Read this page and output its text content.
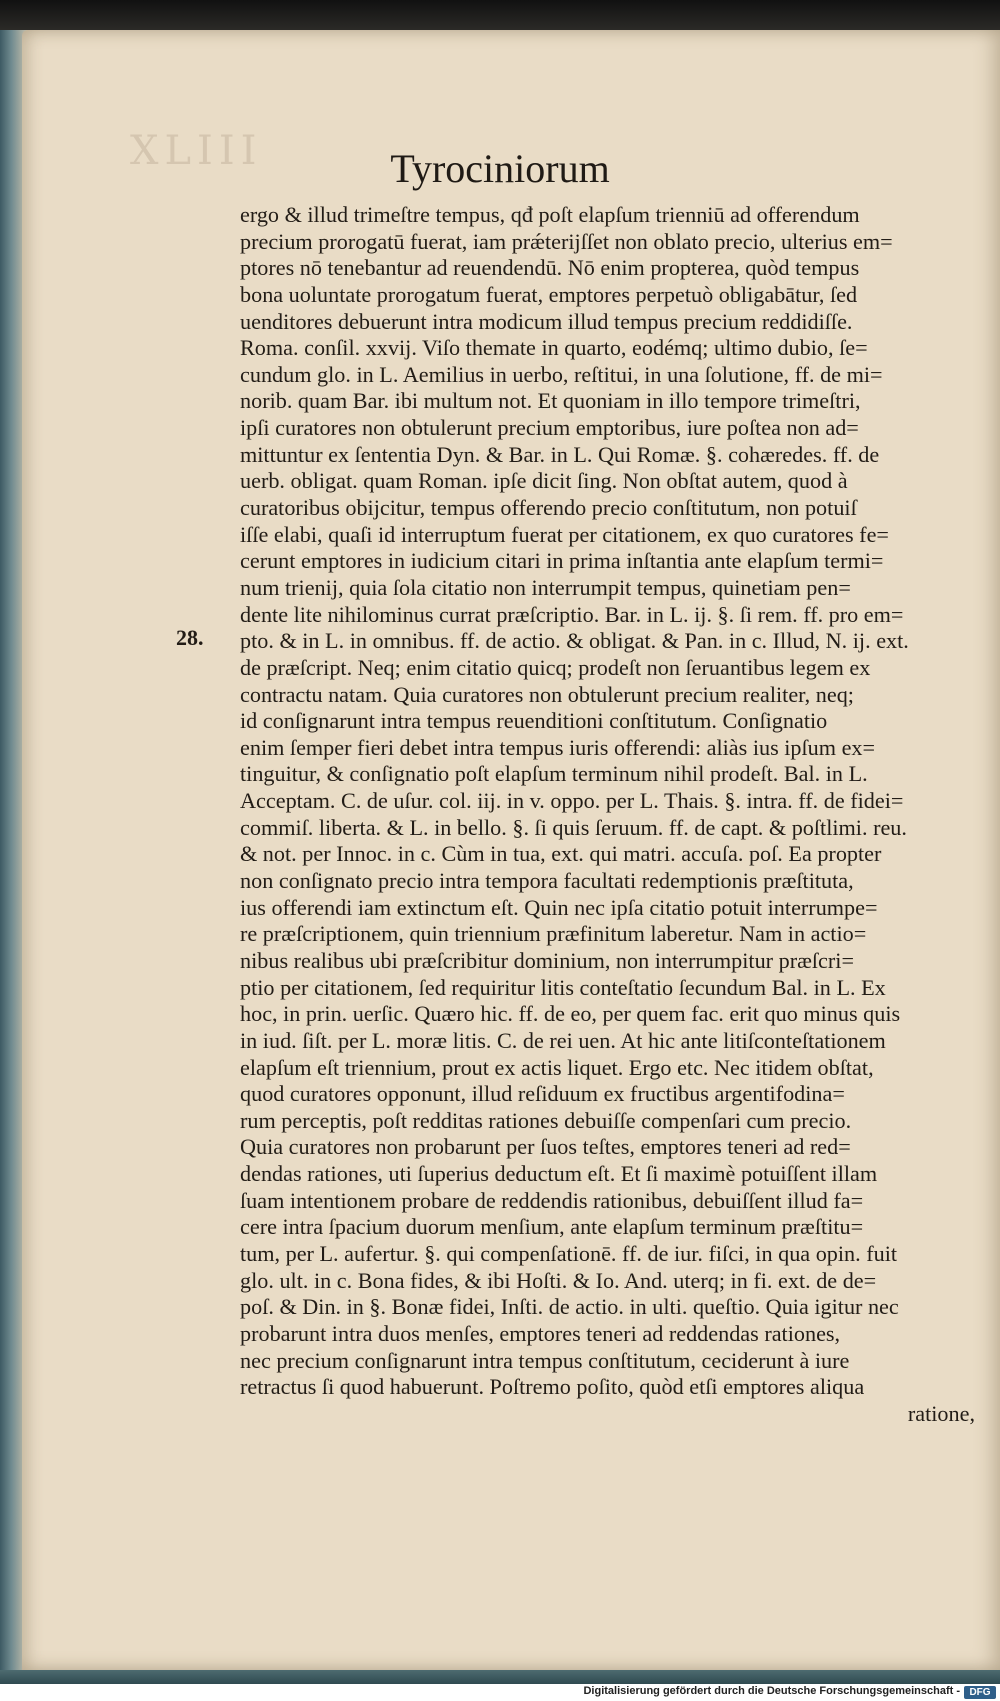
XLIII	Tyrociniorum
28.
ergo & illud trimeſtre tempus, qđ poſt elapſum trienniū ad offerendum
precium prorogatū fuerat, iam prǽterijſſet non oblato precio, ulterius em=
ptores nō tenebantur ad reuendendū. Nō enim propterea, quòd tempus
bona uoluntate prorogatum fuerat, emptores perpetuò obligabātur, ſed
uenditores debuerunt intra modicum illud tempus precium reddidiſſe.
Roma. conſil. xxvij. Viſo themate in quarto, eodémq; ultimo dubio, ſe=
cundum glo. in L. Aemilius in uerbo, reſtitui, in una ſolutione, ff. de mi=
norib. quam Bar. ibi multum not. Et quoniam in illo tempore trimeſtri,
ipſi curatores non obtulerunt precium emptoribus, iure poſtea non ad=
mittuntur ex ſententia Dyn. & Bar. in L. Qui Romæ. §. cohæredes. ff. de
uerb. obligat. quam Roman. ipſe dicit ſing. Non obſtat autem, quod à
curatoribus obijcitur, tempus offerendo precio conſtitutum, non potuiſ
iſſe elabi, quaſi id interruptum fuerat per citationem, ex quo curatores fe=
cerunt emptores in iudicium citari in prima inſtantia ante elapſum termi=
num trienij, quia ſola citatio non interrumpit tempus, quinetiam pen=
dente lite nihilominus currat præſcriptio. Bar. in L. ij. §. ſi rem. ff. pro em=
pto. & in L. in omnibus. ff. de actio. & obligat. & Pan. in c. Illud, N. ij. ext.
de præſcript. Neq; enim citatio quicq; prodeſt non ſeruantibus legem ex
contractu natam. Quia curatores non obtulerunt precium realiter, neq;
id conſignarunt intra tempus reuenditioni conſtitutum. Conſignatio
enim ſemper fieri debet intra tempus iuris offerendi: aliàs ius ipſum ex=
tinguitur, & conſignatio poſt elapſum terminum nihil prodeſt. Bal. in L.
Acceptam. C. de uſur. col. iij. in v. oppo. per L. Thais. §. intra. ff. de fidei=
commiſ. liberta. & L. in bello. §. ſi quis ſeruum. ff. de capt. & poſtlimi. reu.
& not. per Innoc. in c. Cùm in tua, ext. qui matri. accuſa. poſ. Ea propter
non conſignato precio intra tempora facultati redemptionis præſtituta,
ius offerendi iam extinctum eſt. Quin nec ipſa citatio potuit interrumpe=
re præſcriptionem, quin triennium præfinitum laberetur. Nam in actio=
nibus realibus ubi præſcribitur dominium, non interrumpitur præſcri=
ptio per citationem, ſed requiritur litis conteſtatio ſecundum Bal. in L. Ex
hoc, in prin. uerſic. Quæro hic. ff. de eo, per quem fac. erit quo minus quis
in iud. ſiſt. per L. moræ litis. C. de rei uen. At hic ante litiſconteſtationem
elapſum eſt triennium, prout ex actis liquet. Ergo etc. Nec itidem obſtat,
quod curatores opponunt, illud reſiduum ex fructibus argentifodina=
rum perceptis, poſt redditas rationes debuiſſe compenſari cum precio.
Quia curatores non probarunt per ſuos teſtes, emptores teneri ad red=
dendas rationes, uti ſuperius deductum eſt. Et ſi maximè potuiſſent illam
ſuam intentionem probare de reddendis rationibus, debuiſſent illud fa=
cere intra ſpacium duorum menſium, ante elapſum terminum præſtitu=
tum, per L. aufertur. §. qui compenſationē. ff. de iur. fiſci, in qua opin. fuit
glo. ult. in c. Bona fides, & ibi Hoſti. & Io. And. uterq; in fi. ext. de de=
poſ. & Din. in §. Bonæ fidei, Inſti. de actio. in ulti. queſtio. Quia igitur nec
probarunt intra duos menſes, emptores teneri ad reddendas rationes,
nec precium conſignarunt intra tempus conſtitutum, ceciderunt à iure
retractus ſi quod habuerunt. Poſtremo poſito, quòd etſi emptores aliqua
ratione,
Digitalisierung gefördert durch die Deutsche Forschungsgemeinschaft - DFG
